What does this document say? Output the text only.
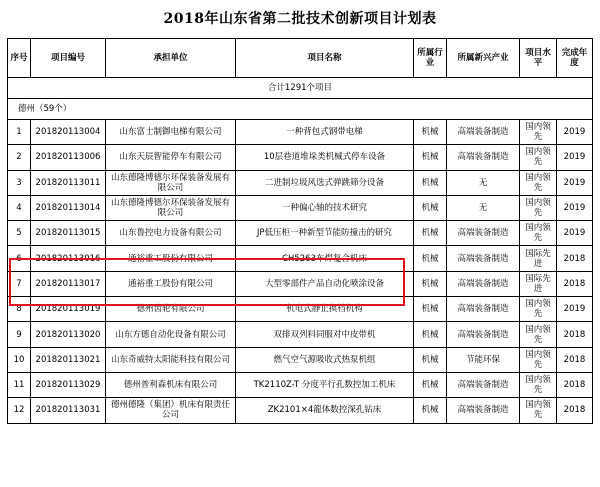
2018年山东省第二批技术创新项目计划表
序号	项目编号	承担单位	项目名称	所属行业	所属新兴产业	项目水平	完成年度
合计1291个项目							
德州（59个）							
1	201820113004	山东富士制御电梯有限公司	一种背包式钢带电梯	机械	高端装备制造	国内领先	2019
2	201820113006	山东天辰智能停车有限公司	10层巷道堆垛类机械式停车设备	机械	高端装备制造	国内领先	2019
3	201820113011	山东德隆博德尔环保装备发展有限公司	二进制垃圾风选式弹跳筛分设备	机械	无	国内领先	2019
4	201820113014	山东德隆博德尔环保装备发展有限公司	一种偏心轴的技术研究	机械	无	国内领先	2019
5	201820113015	山东鲁控电力设备有限公司	JP低压柜一种新型节能防撞击的研究	机械	高端装备制造	国内领先	2019
6	201820113016	通裕重工股份有限公司	CH5263车焊复合机床	机械	高端装备制造	国际先进	2018
7	201820113017	通裕重工股份有限公司	大型零部件产品自动化喷涂设备	机械	高端装备制造	国际先进	2018
8	201820113019	德州齿轮有限公司	机电式静止换档机构	机械	高端装备制造	国内领先	2019
9	201820113020	山东方德自动化设备有限公司	双排双列料同服对中皮带机	机械	高端装备制造	国内领先	2018
10	201820113021	山东奇威特太阳能科技有限公司	燃气空气源吸收式热泵机组	机械	节能环保	国内领先	2018
11	201820113029	德州普利森机床有限公司	TK2110Z-T 分度平行孔数控加工机床	机械	高端装备制造	国内领先	2018
12	201820113031	德州德隆（集团）机床有限责任公司	ZK2101×4龍体数控深孔钻床	机械	高端装备制造	国内领先	2018
